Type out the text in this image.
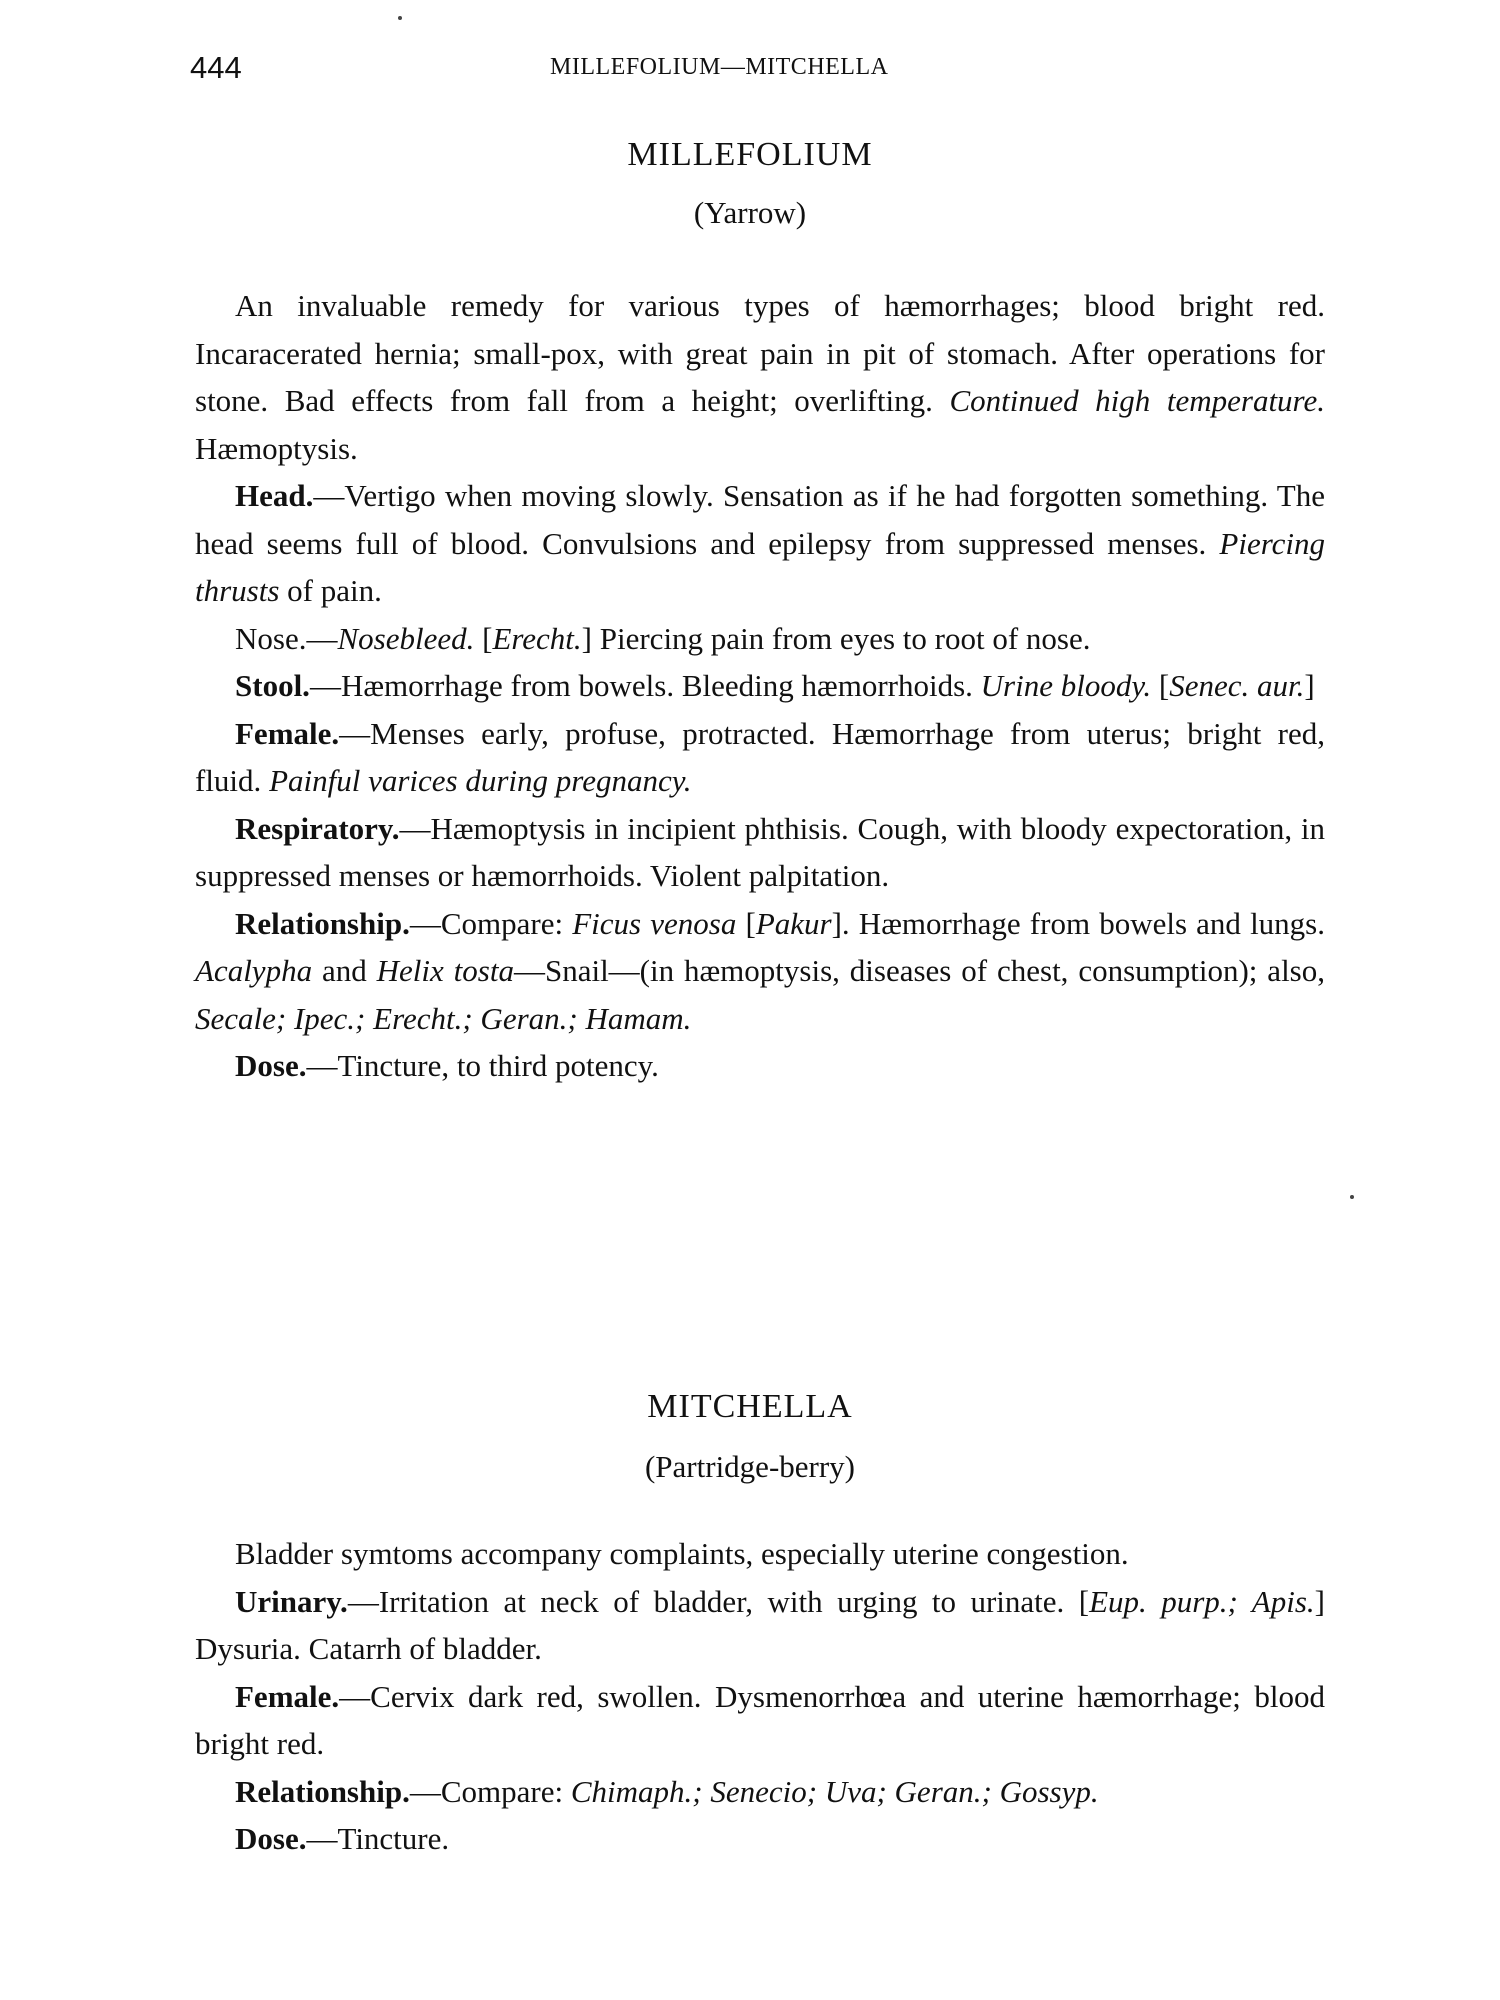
444	MILLEFOLIUM—MITCHELLA
MILLEFOLIUM
(Yarrow)

An invaluable remedy for various types of hæmorrhages; blood bright red. Incaracerated hernia; small-pox, with great pain in pit of stomach. After operations for stone. Bad effects from fall from a height; overlifting. Continued high temperature. Hæmoptysis.

Head.—Vertigo when moving slowly. Sensation as if he had forgotten something. The head seems full of blood. Convulsions and epilepsy from suppressed menses. Piercing thrusts of pain.

Nose.—Nosebleed. [Erecht.] Piercing pain from eyes to root of nose.

Stool.—Hæmorrhage from bowels. Bleeding hæmorrhoids. Urine bloody. [Senec. aur.]

Female.—Menses early, profuse, protracted. Hæmorrhage from uterus; bright red, fluid. Painful varices during pregnancy.

Respiratory.—Hæmoptysis in incipient phthisis. Cough, with bloody expectoration, in suppressed menses or hæmorrhoids. Violent palpitation.

Relationship.—Compare: Ficus venosa [Pakur]. Hæmorrhage from bowels and lungs. Acalypha and Helix tosta—Snail—(in hæmoptysis, diseases of chest, consumption); also, Secale; Ipec.; Erecht.; Geran.; Hamam.

Dose.—Tincture, to third potency.

MITCHELLA
(Partridge-berry)

Bladder symtoms accompany complaints, especially uterine congestion.

Urinary.—Irritation at neck of bladder, with urging to urinate. [Eup. purp.; Apis.] Dysuria. Catarrh of bladder.

Female.—Cervix dark red, swollen. Dysmenorrhœa and uterine hæmorrhage; blood bright red.

Relationship.—Compare: Chimaph.; Senecio; Uva; Geran.; Gossyp.

Dose.—Tincture.
